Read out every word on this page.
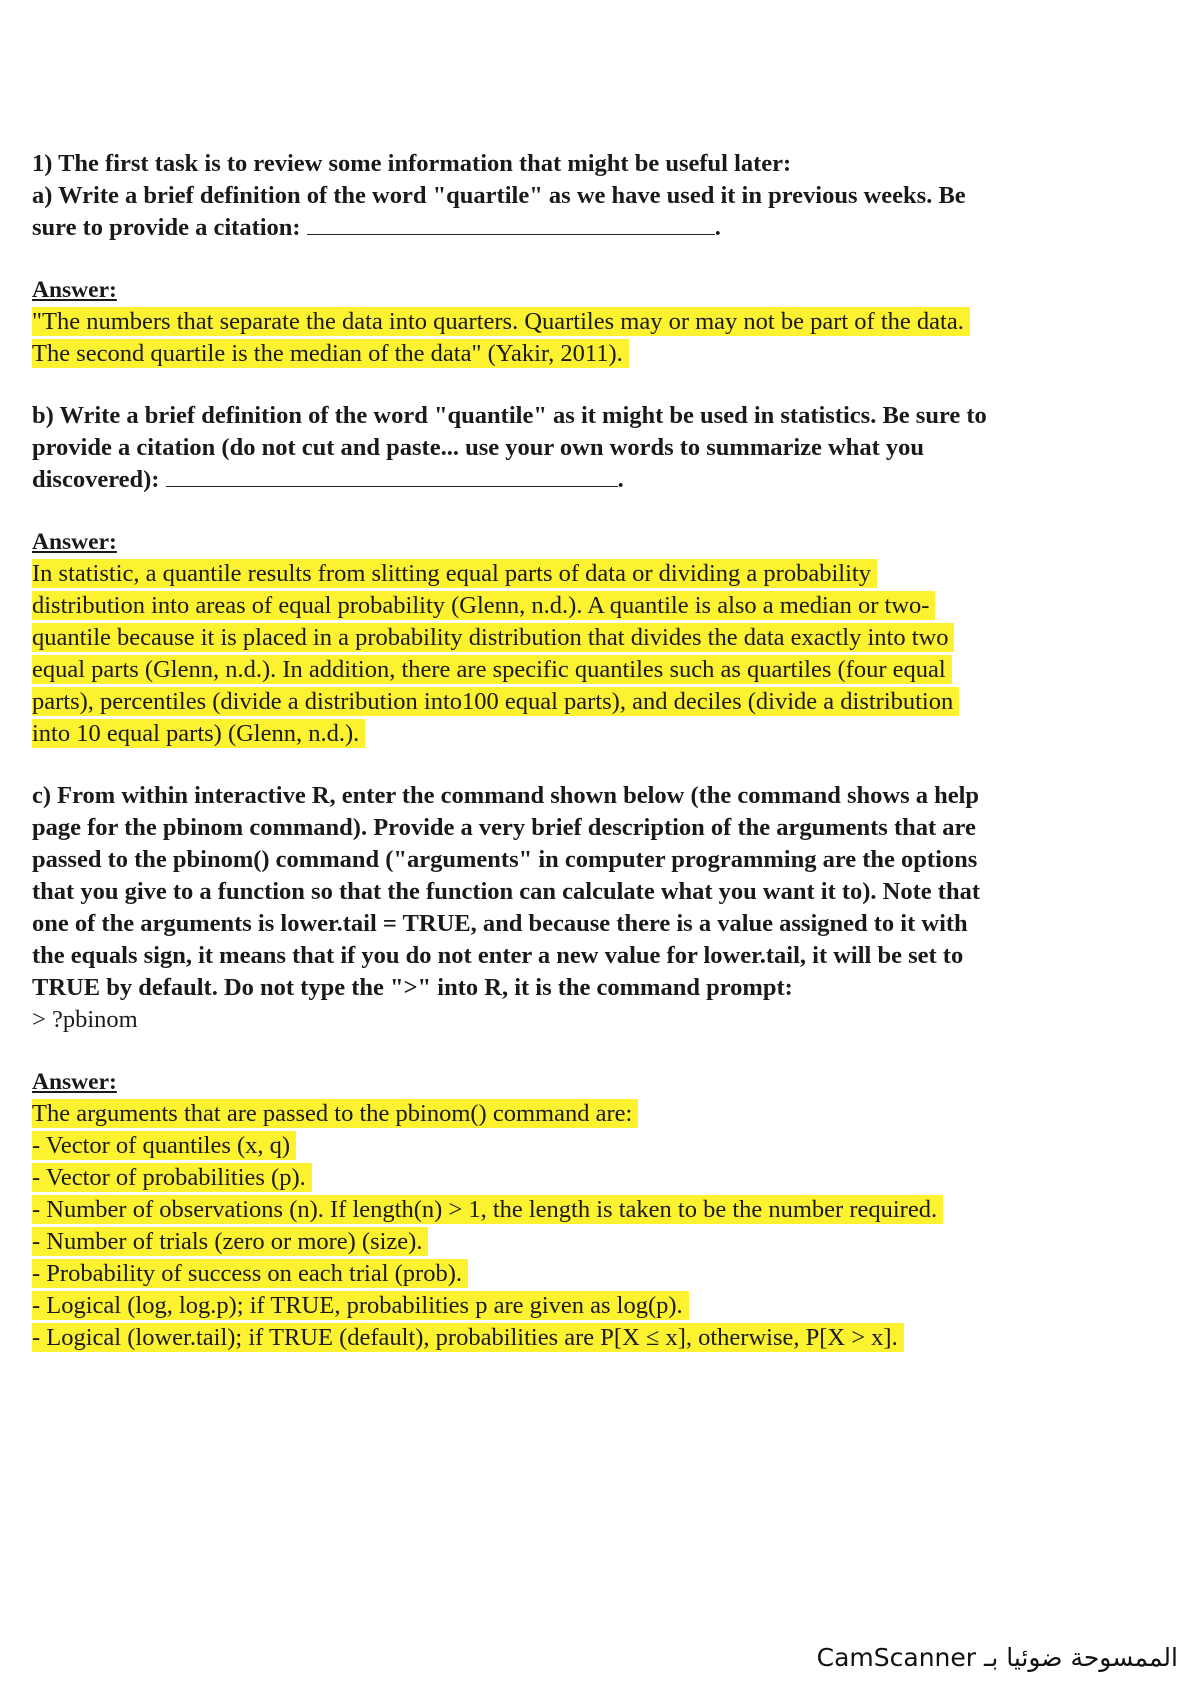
1) The first task is to review some information that might be useful later:

a) Write a brief definition of the word "quartile" as we have used it in previous weeks. Be

sure to provide a citation:	.

Answer:

"The numbers that separate the data into quarters. Quartiles may or may not be part of the data.

The second quartile is the median of the data" (Yakir, 2011).

b) Write a brief definition of the word "quantile" as it might be used in statistics. Be sure to

provide a citation (do not cut and paste... use your own words to summarize what you

discovered):	.

Answer:

In statistic, a quantile results from slitting equal parts of data or dividing a probability

distribution into areas of equal probability (Glenn, n.d.). A quantile is also a median or two-

quantile because it is placed in a probability distribution that divides the data exactly into two

equal parts (Glenn, n.d.). In addition, there are specific quantiles such as quartiles (four equal

parts), percentiles (divide a distribution into100 equal parts), and deciles (divide a distribution

into 10 equal parts) (Glenn, n.d.).

c) From within interactive R, enter the command shown below (the command shows a help

page for the pbinom command). Provide a very brief description of the arguments that are

passed to the pbinom() command ("arguments" in computer programming are the options

that you give to a function so that the function can calculate what you want it to). Note that

one of the arguments is lower.tail = TRUE, and because there is a value assigned to it with

the equals sign, it means that if you do not enter a new value for lower.tail, it will be set to

TRUE by default. Do not type the ">" into R, it is the command prompt:

> ?pbinom

Answer:

The arguments that are passed to the pbinom() command are:

- Vector of quantiles (x, q)

- Vector of probabilities (p).

- Number of observations (n). If length(n) > 1, the length is taken to be the number required.

- Number of trials (zero or more) (size).

- Probability of success on each trial (prob).

- Logical (log, log.p); if TRUE, probabilities p are given as log(p).

- Logical (lower.tail); if TRUE (default), probabilities are P[X ≤ x], otherwise, P[X > x].

الممسوحة ضوئيا بـ CamScanner
